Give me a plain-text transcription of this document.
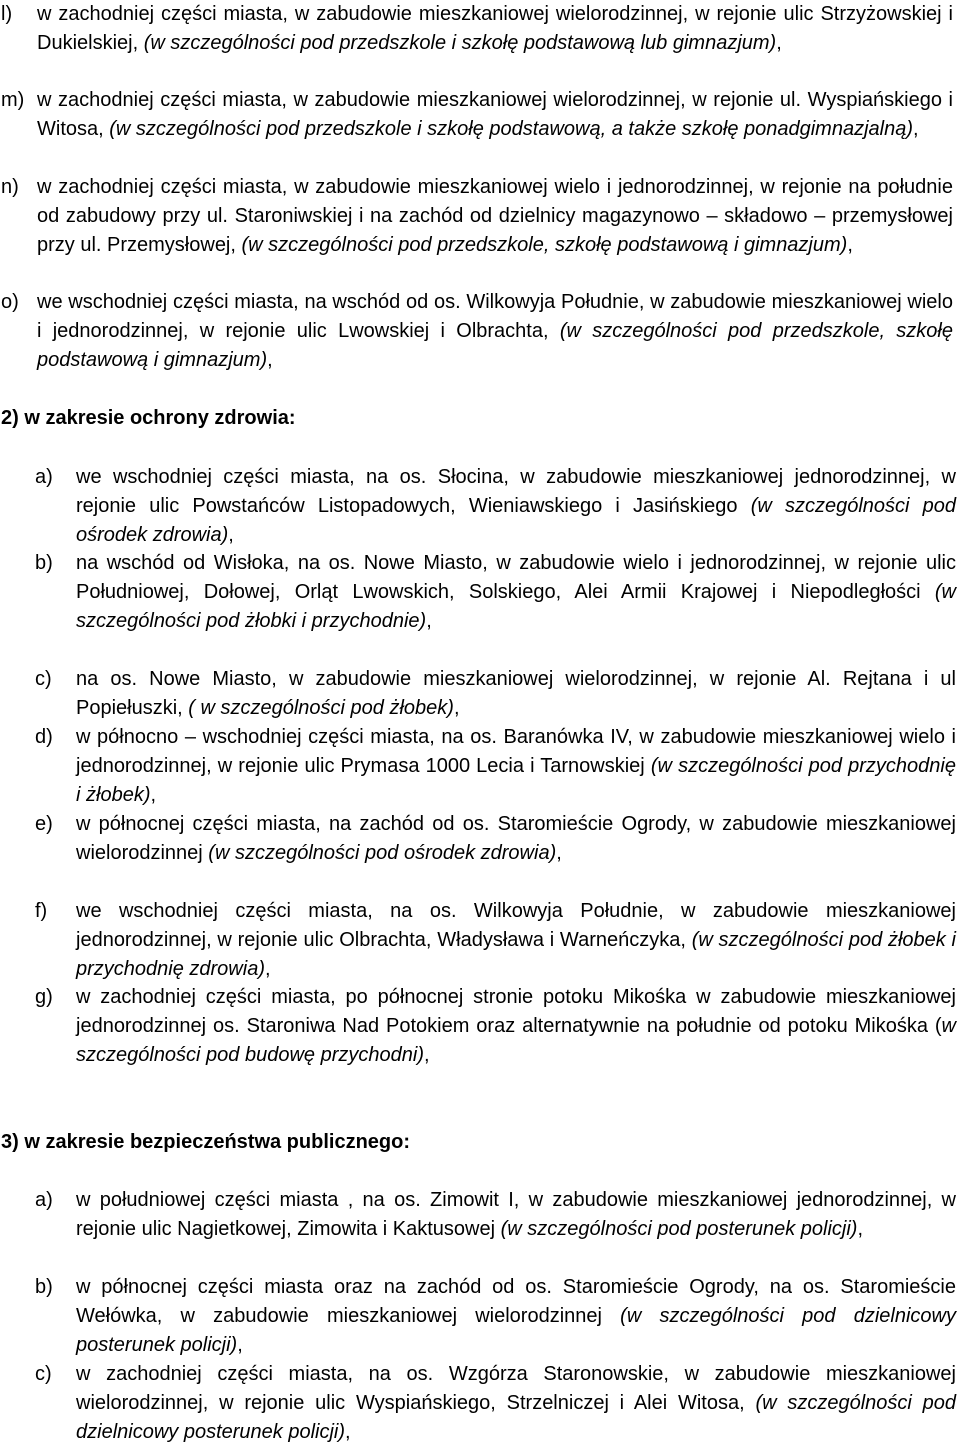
l) w zachodniej części miasta, w zabudowie mieszkaniowej wielorodzinnej, w rejonie ulic Strzyżowskiej i Dukielskiej, (w szczególności pod przedszkole i szkołę podstawową lub gimnazjum),
m) w zachodniej części miasta, w zabudowie mieszkaniowej wielorodzinnej, w rejonie ul. Wyspiańskiego i Witosa, (w szczególności pod przedszkole i szkołę podstawową, a także szkołę ponadgimnazjalną),
n) w zachodniej części miasta, w zabudowie mieszkaniowej wielo i jednorodzinnej, w rejonie na południe od zabudowy przy ul. Staroniwskiej i na zachód od dzielnicy magazynowo – składowo – przemysłowej przy ul. Przemysłowej, (w szczególności pod przedszkole, szkołę podstawową i gimnazjum),
o) we wschodniej części miasta, na wschód od os. Wilkowyja Południe, w zabudowie mieszkaniowej wielo i jednorodzinnej, w rejonie ulic Lwowskiej i Olbrachta, (w szczególności pod przedszkole, szkołę podstawową i gimnazjum),
2) w zakresie ochrony zdrowia:
a) we wschodniej części miasta, na os. Słocina, w zabudowie mieszkaniowej jednorodzinnej, w rejonie ulic Powstańców Listopadowych, Wieniawskiego i Jasińskiego (w szczególności pod ośrodek zdrowia),
b) na wschód od Wisłoka, na os. Nowe Miasto, w zabudowie wielo i jednorodzinnej, w rejonie ulic Południowej, Dołowej, Orląt Lwowskich, Solskiego, Alei Armii Krajowej i Niepodległości (w szczególności pod żłobki i przychodnie),
c) na os. Nowe Miasto, w zabudowie mieszkaniowej wielorodzinnej, w rejonie Al. Rejtana i ul Popiełuszki, ( w szczególności pod żłobek),
d) w północno – wschodniej części miasta, na os. Baranówka IV, w zabudowie mieszkaniowej wielo i jednorodzinnej, w rejonie ulic Prymasa 1000 Lecia i Tarnowskiej (w szczególności pod przychodnię i żłobek),
e) w północnej części miasta, na zachód od os. Staromieście Ogrody, w zabudowie mieszkaniowej wielorodzinnej (w szczególności pod ośrodek zdrowia),
f) we wschodniej części miasta, na os. Wilkowyja Południe, w zabudowie mieszkaniowej jednorodzinnej, w rejonie ulic Olbrachta, Władysława i Warneńczyka, (w szczególności pod żłobek i przychodnię zdrowia),
g) w zachodniej części miasta, po północnej stronie potoku Mikośka w zabudowie mieszkaniowej jednorodzinnej os. Staroniwa Nad Potokiem oraz alternatywnie na południe od potoku Mikośka (w szczególności pod budowę przychodni),
3) w zakresie bezpieczeństwa publicznego:
a) w południowej części miasta , na os. Zimowit I, w zabudowie mieszkaniowej jednorodzinnej, w rejonie ulic Nagietkowej, Zimowita i Kaktusowej (w szczególności pod posterunek policji),
b) w północnej części miasta oraz na zachód od os. Staromieście Ogrody, na os. Staromieście Wełówka, w zabudowie mieszkaniowej wielorodzinnej (w szczególności pod dzielnicowy posterunek policji),
c) w zachodniej części miasta, na os. Wzgórza Staronowskie, w zabudowie mieszkaniowej wielorodzinnej, w rejonie ulic Wyspiańskiego, Strzelniczej i Alei Witosa, (w szczególności pod dzielnicowy posterunek policji),
